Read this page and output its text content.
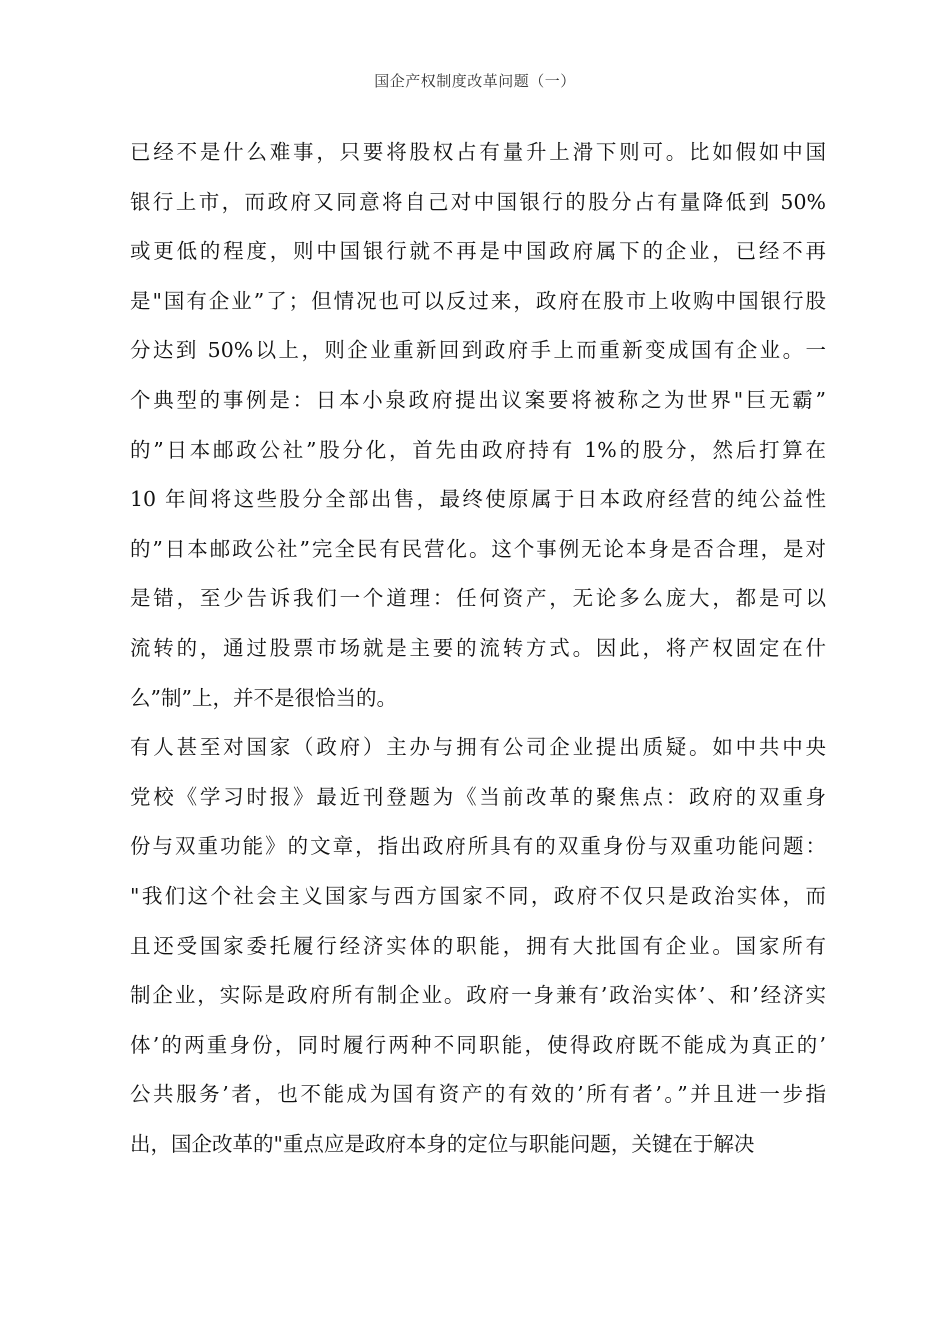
国企产权制度改革问题（一）
已经不是什么难事，只要将股权占有量升上滑下则可。比如假如中国
银行上市，而政府又同意将自己对中国银行的股分占有量降低到 50%
或更低的程度，则中国银行就不再是中国政府属下的企业，已经不再
是"国有企业”了；但情况也可以反过来，政府在股市上收购中国银行股
分达到 50%以上，则企业重新回到政府手上而重新变成国有企业。一
个典型的事例是：日本小泉政府提出议案要将被称之为世界"巨无霸”
的”日本邮政公社”股分化，首先由政府持有 1%的股分，然后打算在
10 年间将这些股分全部出售，最终使原属于日本政府经营的纯公益性
的”日本邮政公社”完全民有民营化。这个事例无论本身是否合理，是对
是错，至少告诉我们一个道理：任何资产，无论多么庞大，都是可以
流转的，通过股票市场就是主要的流转方式。因此，将产权固定在什
么”制”上，并不是很恰当的。
有人甚至对国家（政府）主办与拥有公司企业提出质疑。如中共中央
党校《学习时报》最近刊登题为《当前改革的聚焦点：政府的双重身
份与双重功能》的文章，指出政府所具有的双重身份与双重功能问题：
"我们这个社会主义国家与西方国家不同，政府不仅只是政治实体，而
且还受国家委托履行经济实体的职能，拥有大批国有企业。国家所有
制企业，实际是政府所有制企业。政府一身兼有’政治实体’、和’经济实
体’的两重身份，同时履行两种不同职能，使得政府既不能成为真正的’
公共服务’者，也不能成为国有资产的有效的’所有者’。”并且进一步指
出，国企改革的"重点应是政府本身的定位与职能问题，关键在于解决
